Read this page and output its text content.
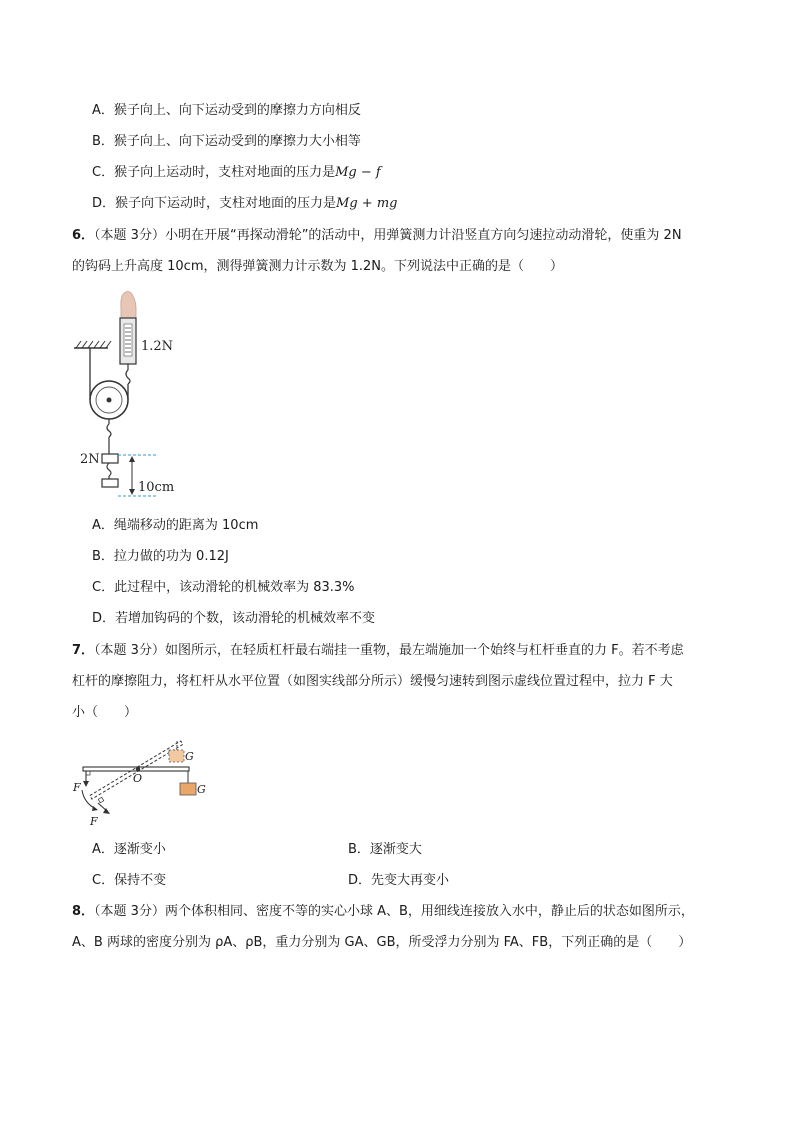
A．猴子向上、向下运动受到的摩擦力方向相反
B．猴子向上、向下运动受到的摩擦力大小相等
C．猴子向上运动时，支柱对地面的压力是Mg − f
D．猴子向下运动时，支柱对地面的压力是Mg + mg
6．（本题 3分）小明在开展“再探动滑轮”的活动中，用弹簧测力计沿竖直方向匀速拉动动滑轮，使重为 2N
的钩码上升高度 10cm，测得弹簧测力计示数为 1.2N。下列说法中正确的是（　　）
1.2N
2N
10cm
A．绳端移动的距离为 10cm
B．拉力做的功为 0.12J
C．此过程中，该动滑轮的机械效率为 83.3%
D．若增加钩码的个数，该动滑轮的机械效率不变
7．（本题 3分）如图所示，在轻质杠杆最右端挂一重物，最左端施加一个始终与杠杆垂直的力 F。若不考虑
杠杆的摩擦阻力，将杠杆从水平位置（如图实线部分所示）缓慢匀速转到图示虚线位置过程中，拉力 F 大
小（　　）
F
F
O
G
G
A．逐渐变小	B．逐渐变大
C．保持不变	D．先变大再变小
8．（本题 3分）两个体积相同、密度不等的实心小球 A、B，用细线连接放入水中，静止后的状态如图所示，
A、B 两球的密度分别为 ρA、ρB，重力分别为 GA、GB，所受浮力分别为 FA、FB，下列正确的是（　　）
